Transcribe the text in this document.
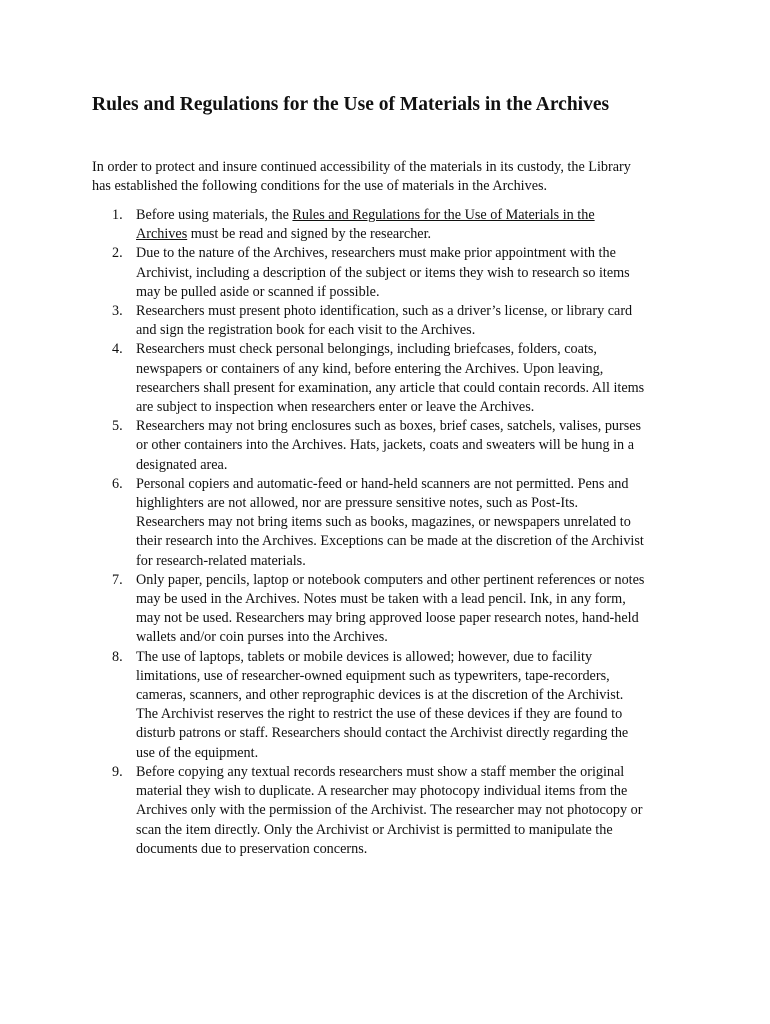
Rules and Regulations for the Use of Materials in the Archives

In order to protect and insure continued accessibility of the materials in its custody, the Library
has established the following conditions for the use of materials in the Archives.

1. Before using materials, the Rules and Regulations for the Use of Materials in the
Archives must be read and signed by the researcher.
2. Due to the nature of the Archives, researchers must make prior appointment with the
Archivist, including a description of the subject or items they wish to research so items
may be pulled aside or scanned if possible.
3. Researchers must present photo identification, such as a driver’s license, or library card
and sign the registration book for each visit to the Archives.
4. Researchers must check personal belongings, including briefcases, folders, coats,
newspapers or containers of any kind, before entering the Archives. Upon leaving,
researchers shall present for examination, any article that could contain records. All items
are subject to inspection when researchers enter or leave the Archives.
5. Researchers may not bring enclosures such as boxes, brief cases, satchels, valises, purses
or other containers into the Archives. Hats, jackets, coats and sweaters will be hung in a
designated area.
6. Personal copiers and automatic-feed or hand-held scanners are not permitted. Pens and
highlighters are not allowed, nor are pressure sensitive notes, such as Post-Its.
Researchers may not bring items such as books, magazines, or newspapers unrelated to
their research into the Archives. Exceptions can be made at the discretion of the Archivist
for research-related materials.
7. Only paper, pencils, laptop or notebook computers and other pertinent references or notes
may be used in the Archives. Notes must be taken with a lead pencil. Ink, in any form,
may not be used. Researchers may bring approved loose paper research notes, hand-held
wallets and/or coin purses into the Archives.
8. The use of laptops, tablets or mobile devices is allowed; however, due to facility
limitations, use of researcher-owned equipment such as typewriters, tape-recorders,
cameras, scanners, and other reprographic devices is at the discretion of the Archivist.
The Archivist reserves the right to restrict the use of these devices if they are found to
disturb patrons or staff. Researchers should contact the Archivist directly regarding the
use of the equipment.
9. Before copying any textual records researchers must show a staff member the original
material they wish to duplicate. A researcher may photocopy individual items from the
Archives only with the permission of the Archivist. The researcher may not photocopy or
scan the item directly. Only the Archivist or Archivist is permitted to manipulate the
documents due to preservation concerns.
